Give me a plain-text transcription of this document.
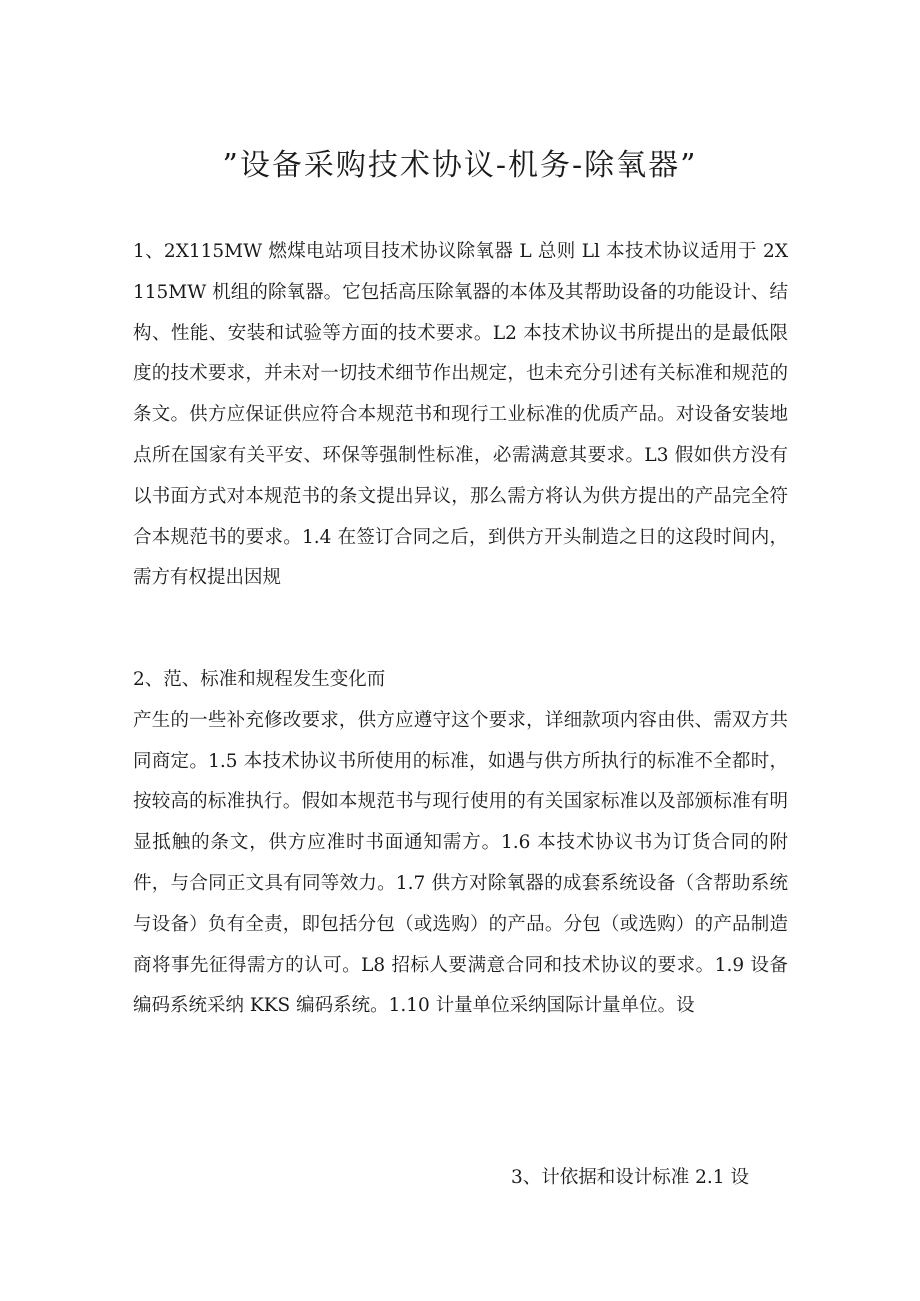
”设备采购技术协议-机务-除氧器”

1、2X115MW 燃煤电站项目技术协议除氧器 L 总则 Ll 本技术协议适用于 2X115MW 机组的除氧器。它包括高压除氧器的本体及其帮助设备的功能设计、结构、性能、安装和试验等方面的技术要求。L2 本技术协议书所提出的是最低限度的技术要求，并未对一切技术细节作出规定，也未充分引述有关标准和规范的条文。供方应保证供应符合本规范书和现行工业标准的优质产品。对设备安装地点所在国家有关平安、环保等强制性标准，必需满意其要求。L3 假如供方没有以书面方式对本规范书的条文提出异议，那么需方将认为供方提出的产品完全符合本规范书的要求。1.4 在签订合同之后，到供方开头制造之日的这段时间内，需方有权提出因规

2、范、标准和规程发生变化而
产生的一些补充修改要求，供方应遵守这个要求，详细款项内容由供、需双方共同商定。1.5 本技术协议书所使用的标准，如遇与供方所执行的标准不全都时，按较高的标准执行。假如本规范书与现行使用的有关国家标准以及部颁标准有明显抵触的条文，供方应准时书面通知需方。1.6 本技术协议书为订货合同的附件，与合同正文具有同等效力。1.7 供方对除氧器的成套系统设备（含帮助系统与设备）负有全责，即包括分包（或选购）的产品。分包（或选购）的产品制造商将事先征得需方的认可。L8 招标人要满意合同和技术协议的要求。1.9 设备编码系统采纳 KKS 编码系统。1.10 计量单位采纳国际计量单位。设

3、计依据和设计标准 2.1 设
